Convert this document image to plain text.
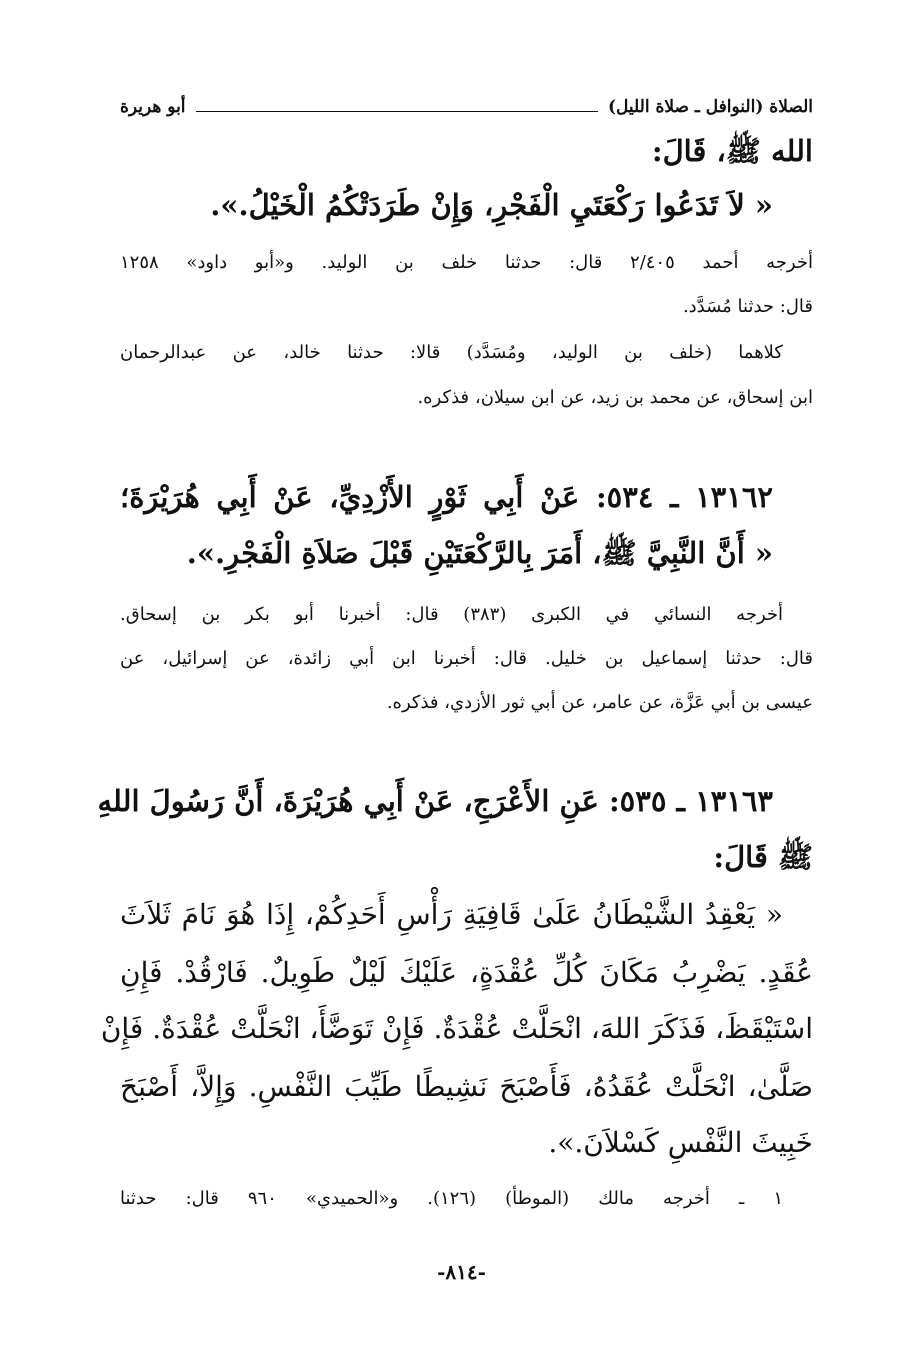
الصلاة (النوافل ـ صلاة الليل)
أبو هريرة
الله ﷺ، قَالَ:
« لاَ تَدَعُوا رَكْعَتَيِ الْفَجْرِ، وَإِنْ طَرَدَتْكُمُ الْخَيْلُ.».
أخرجه أحمد ٢/٤٠٥ قال: حدثنا خلف بن الوليد. و«أبو داود» ١٢٥٨
قال: حدثنا مُسَدَّد.
كلاهما (خلف بن الوليد، ومُسَدَّد) قالا: حدثنا خالد، عن عبدالرحمان
ابن إسحاق، عن محمد بن زيد، عن ابن سيلان، فذكره.
١٣١٦٢ ـ ٥٣٤: عَنْ أَبِي ثَوْرٍ الأَزْدِيِّ، عَنْ أَبِي هُرَيْرَةَ؛
« أَنَّ النَّبِيَّ ﷺ، أَمَرَ بِالرَّكْعَتَيْنِ قَبْلَ صَلاَةِ الْفَجْرِ.».
أخرجه النسائي في الكبرى (٣٨٣) قال: أخبرنا أبو بكر بن إسحاق.
قال: حدثنا إسماعيل بن خليل. قال: أخبرنا ابن أبي زائدة، عن إسرائيل، عن
عيسى بن أبي عَزَّة، عن عامر، عن أبي ثور الأزدي، فذكره.
١٣١٦٣ ـ ٥٣٥: عَنِ الأَعْرَجِ، عَنْ أَبِي هُرَيْرَةَ، أَنَّ رَسُولَ اللهِ
ﷺ قَالَ:
« يَعْقِدُ الشَّيْطَانُ عَلَىٰ قَافِيَةِ رَأْسِ أَحَدِكُمْ، إِذَا هُوَ نَامَ ثَلاَثَ
عُقَدٍ. يَضْرِبُ مَكَانَ كُلِّ عُقْدَةٍ، عَلَيْكَ لَيْلٌ طَوِيلٌ. فَارْقُدْ. فَإِنِ
اسْتَيْقَظَ، فَذَكَرَ اللهَ، انْحَلَّتْ عُقْدَةٌ. فَإِنْ تَوَضَّأَ، انْحَلَّتْ عُقْدَةٌ. فَإِنْ
صَلَّىٰ، انْحَلَّتْ عُقَدُهُ، فَأَصْبَحَ نَشِيطًا طَيِّبَ النَّفْسِ. وَإِلاَّ، أَصْبَحَ
خَبِيثَ النَّفْسِ كَسْلاَنَ.».
١ ـ أخرجه مالك (الموطأ) (١٢٦). و«الحميدي» ٩٦٠ قال: حدثنا
-٨١٤-
